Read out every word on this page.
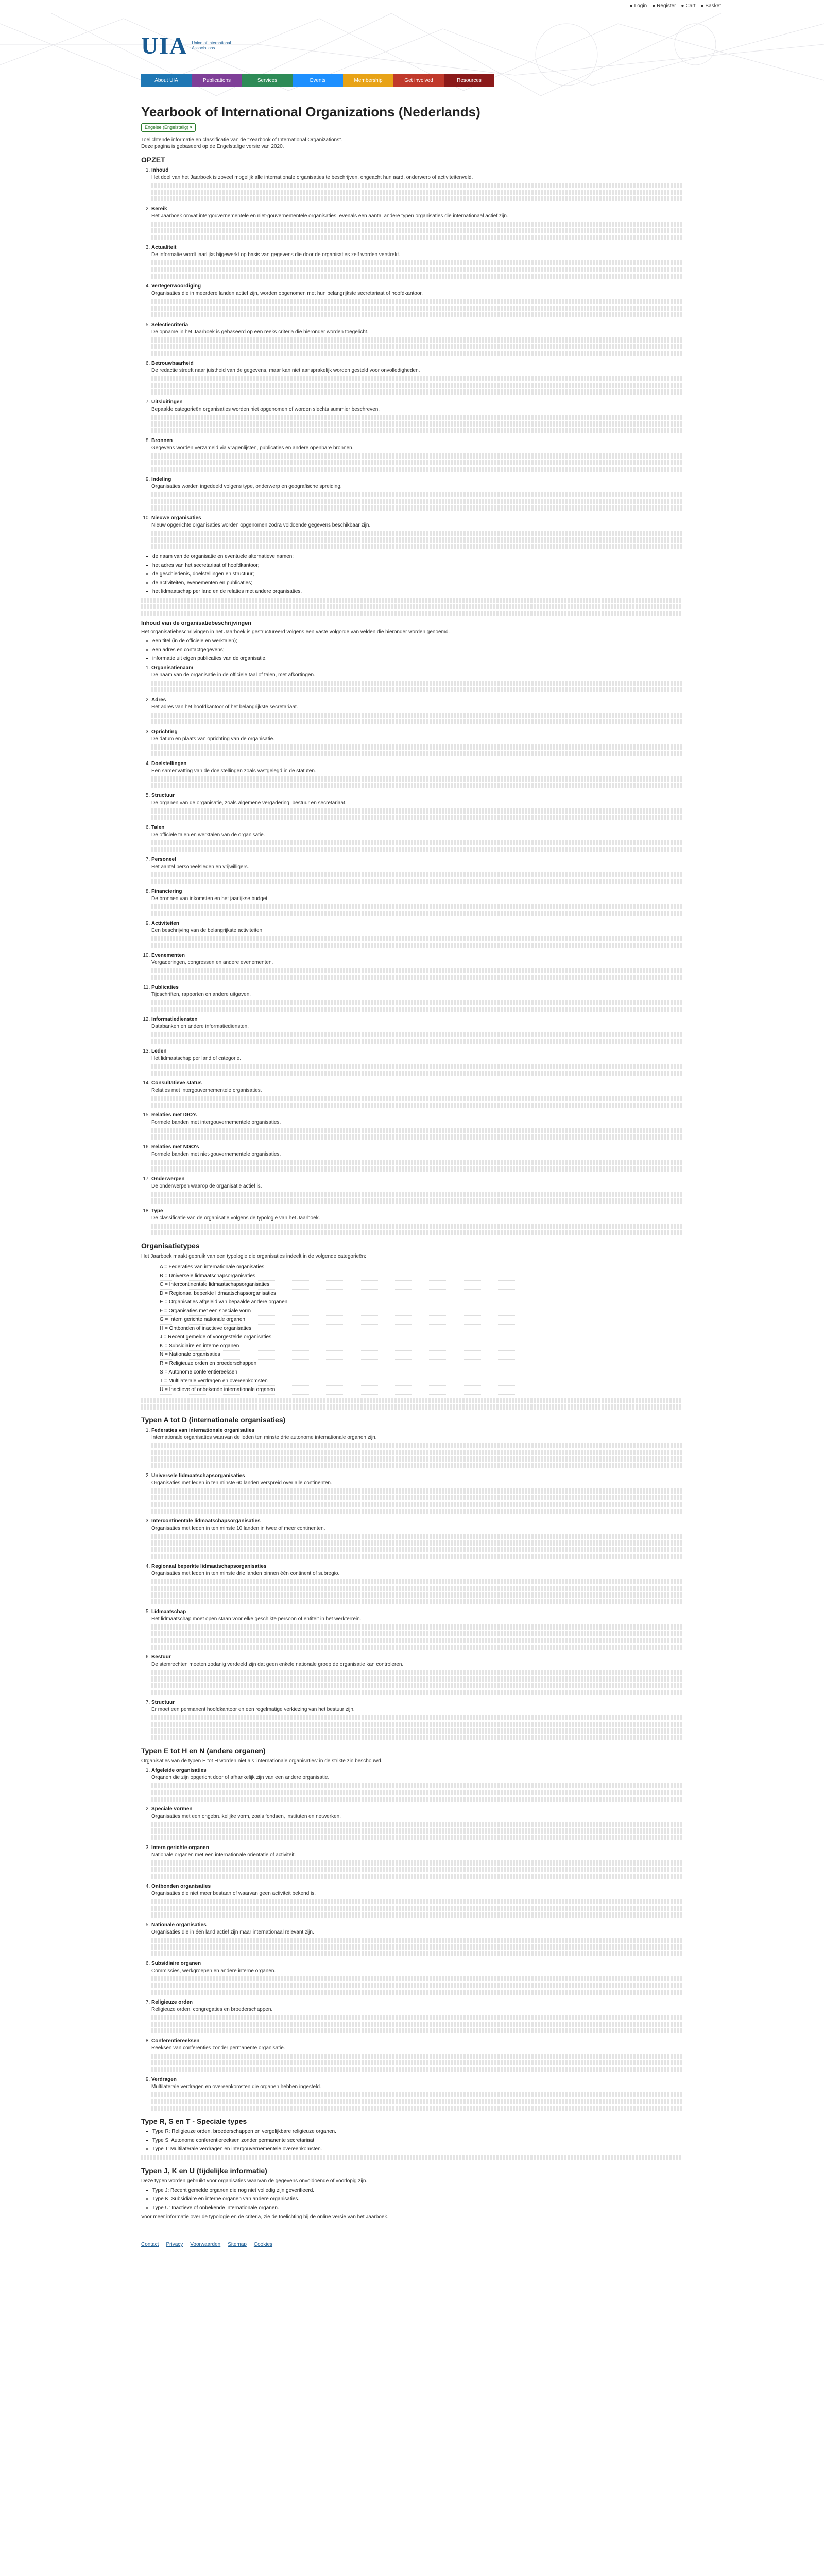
● Login ● Register ● Cart ● Basket
UIA Union of International Associations
About UIA	Publications	Services	Events	Membership	Get involved	Resources
Yearbook of International Organizations (Nederlands)
Engelse (Engelstalig) ▾

Toelichtende informatie en classificatie van de "Yearbook of International Organizations".

Deze pagina is gebaseerd op de Engelstalige versie van 2020.

OPZET
1. Inhoud
Het doel van het Jaarboek is zoveel mogelijk alle internationale organisaties te beschrijven, ongeacht hun aard, onderwerp of activiteitenveld.
2. Bereik
Het Jaarboek omvat intergouvernementele en niet-gouvernementele organisaties, evenals een aantal andere typen organisaties die internationaal actief zijn.
3. Actualiteit
De informatie wordt jaarlijks bijgewerkt op basis van gegevens die door de organisaties zelf worden verstrekt.
4. Vertegenwoordiging
Organisaties die in meerdere landen actief zijn, worden opgenomen met hun belangrijkste secretariaat of hoofdkantoor.
5. Selectiecriteria
De opname in het Jaarboek is gebaseerd op een reeks criteria die hieronder worden toegelicht.
6. Betrouwbaarheid
De redactie streeft naar juistheid van de gegevens, maar kan niet aansprakelijk worden gesteld voor onvolledigheden.
7. Uitsluitingen
Bepaalde categorieën organisaties worden niet opgenomen of worden slechts summier beschreven.
8. Bronnen
Gegevens worden verzameld via vragenlijsten, publicaties en andere openbare bronnen.
9. Indeling
Organisaties worden ingedeeld volgens type, onderwerp en geografische spreiding.
10. Nieuwe organisaties
Nieuw opgerichte organisaties worden opgenomen zodra voldoende gegevens beschikbaar zijn.
• de naam van de organisatie en eventuele alternatieve namen;
• het adres van het secretariaat of hoofdkantoor;
• de geschiedenis, doelstellingen en structuur;
• de activiteiten, evenementen en publicaties;
• het lidmaatschap per land en de relaties met andere organisaties.
Inhoud van de organisatiebeschrijvingen
Het organisatiebeschrijvingen in het Jaarboek is gestructureerd volgens een vaste volgorde van velden die hieronder worden genoemd.
• een titel (in de officiële en werktalen);
• een adres en contactgegevens;
• informatie uit eigen publicaties van de organisatie.
1. Organisatienaam
De naam van de organisatie in de officiële taal of talen, met afkortingen.
2. Adres
Het adres van het hoofdkantoor of het belangrijkste secretariaat.
3. Oprichting
De datum en plaats van oprichting van de organisatie.
4. Doelstellingen
Een samenvatting van de doelstellingen zoals vastgelegd in de statuten.
5. Structuur
De organen van de organisatie, zoals algemene vergadering, bestuur en secretariaat.
6. Talen
De officiële talen en werktalen van de organisatie.
7. Personeel
Het aantal personeelsleden en vrijwilligers.
8. Financiering
De bronnen van inkomsten en het jaarlijkse budget.
9. Activiteiten
Een beschrijving van de belangrijkste activiteiten.
10. Evenementen
Vergaderingen, congressen en andere evenementen.
11. Publicaties
Tijdschriften, rapporten en andere uitgaven.
12. Informatiediensten
Databanken en andere informatiediensten.
13. Leden
Het lidmaatschap per land of categorie.
14. Consultatieve status
Relaties met intergouvernementele organisaties.
15. Relaties met IGO's
Formele banden met intergouvernementele organisaties.
16. Relaties met NGO's
Formele banden met niet-gouvernementele organisaties.
17. Onderwerpen
De onderwerpen waarop de organisatie actief is.
18. Type
De classificatie van de organisatie volgens de typologie van het Jaarboek.
Organisatietypes
Het Jaarboek maakt gebruik van een typologie die organisaties indeelt in de volgende categorieën:
A = Federaties van internationale organisaties
B = Universele lidmaatschapsorganisaties
C = Intercontinentale lidmaatschapsorganisaties
D = Regionaal beperkte lidmaatschapsorganisaties
E = Organisaties afgeleid van bepaalde andere organen
F = Organisaties met een speciale vorm
G = Intern gerichte nationale organen
H = Ontbonden of inactieve organisaties
J = Recent gemelde of voorgestelde organisaties
K = Subsidiaire en interne organen
N = Nationale organisaties
R = Religieuze orden en broederschappen
S = Autonome conferentiereeksen
T = Multilaterale verdragen en overeenkomsten
U = Inactieve of onbekende internationale organen
Typen A tot D (internationale organisaties)
1. Federaties van internationale organisaties
Internationale organisaties waarvan de leden ten minste drie autonome internationale organen zijn.
2. Universele lidmaatschapsorganisaties
Organisaties met leden in ten minste 60 landen verspreid over alle continenten.
3. Intercontinentale lidmaatschapsorganisaties
Organisaties met leden in ten minste 10 landen in twee of meer continenten.
4. Regionaal beperkte lidmaatschapsorganisaties
Organisaties met leden in ten minste drie landen binnen één continent of subregio.
5. Lidmaatschap
Het lidmaatschap moet open staan voor elke geschikte persoon of entiteit in het werkterrein.
6. Bestuur
De stemrechten moeten zodanig verdeeld zijn dat geen enkele nationale groep de organisatie kan controleren.
7. Structuur
Er moet een permanent hoofdkantoor en een regelmatige verkiezing van het bestuur zijn.
Typen E tot H en N (andere organen)
Organisaties van de typen E tot H worden niet als 'internationale organisaties' in de strikte zin beschouwd.
1. Afgeleide organisaties
Organen die zijn opgericht door of afhankelijk zijn van een andere organisatie.
2. Speciale vormen
Organisaties met een ongebruikelijke vorm, zoals fondsen, instituten en netwerken.
3. Intern gerichte organen
Nationale organen met een internationale oriëntatie of activiteit.
4. Ontbonden organisaties
Organisaties die niet meer bestaan of waarvan geen activiteit bekend is.
5. Nationale organisaties
Organisaties die in één land actief zijn maar internationaal relevant zijn.
6. Subsidiaire organen
Commissies, werkgroepen en andere interne organen.
7. Religieuze orden
Religieuze orden, congregaties en broederschappen.
8. Conferentiereeksen
Reeksen van conferenties zonder permanente organisatie.
9. Verdragen
Multilaterale verdragen en overeenkomsten die organen hebben ingesteld.
Type R, S en T - Speciale types
• Type R: Religieuze orden, broederschappen en vergelijkbare religieuze organen.
• Type S: Autonome conferentiereeksen zonder permanente secretariaat.
• Type T: Multilaterale verdragen en intergouvernementele overeenkomsten.
Typen J, K en U (tijdelijke informatie)
Deze typen worden gebruikt voor organisaties waarvan de gegevens onvoldoende of voorlopig zijn.
• Type J: Recent gemelde organen die nog niet volledig zijn geverifieerd.
• Type K: Subsidiaire en interne organen van andere organisaties.
• Type U: Inactieve of onbekende internationale organen.
Voor meer informatie over de typologie en de criteria, zie de toelichting bij de online versie van het Jaarboek.
Contact Privacy Voorwaarden Sitemap Cookies
